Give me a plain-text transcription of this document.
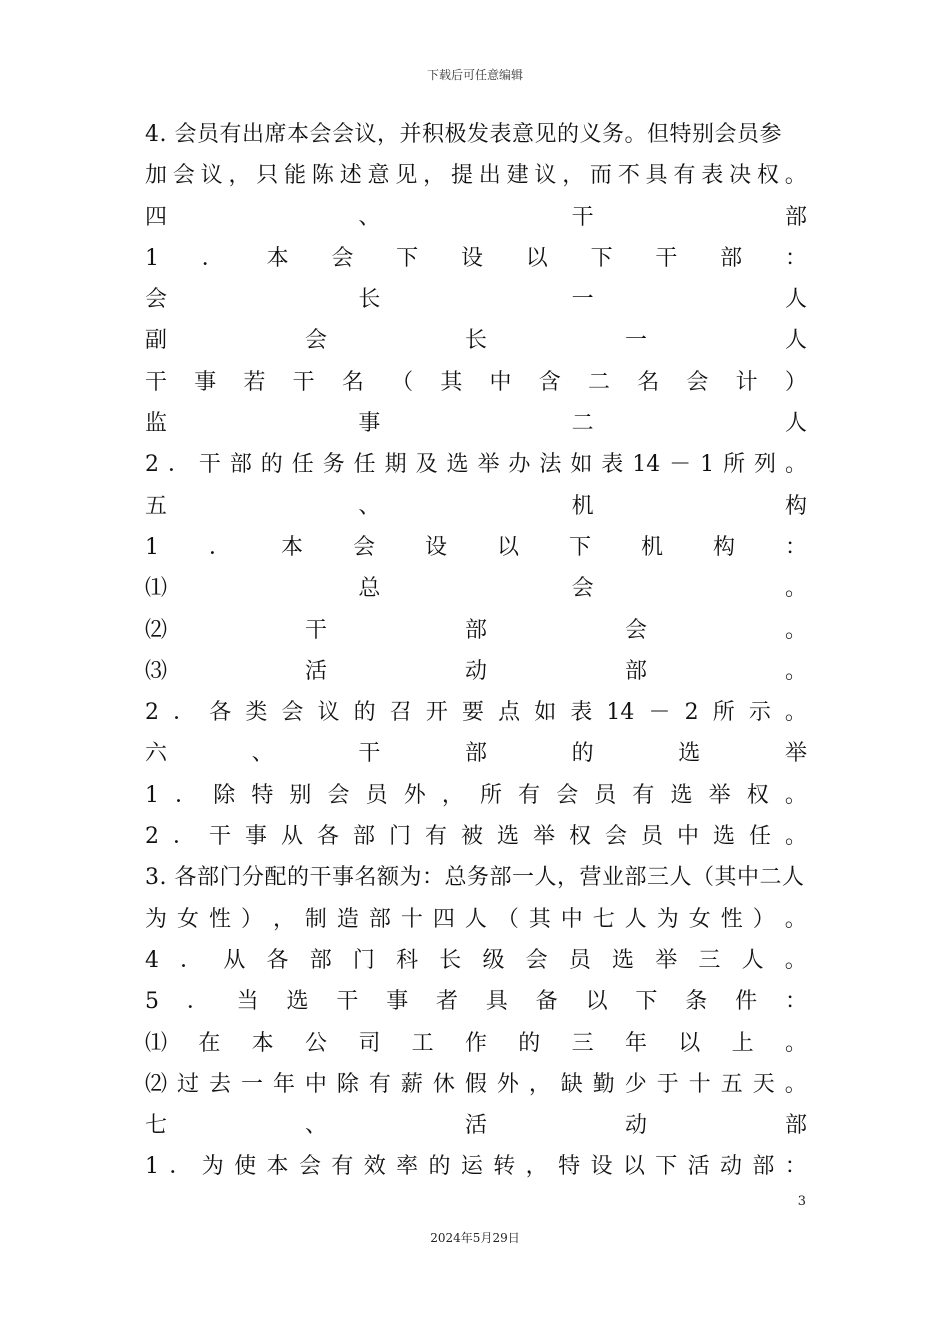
下载后可任意编辑
4. 会员有出席本会会议，并积极发表意见的义务。但特别会员参
加 会 议 ， 只 能 陈 述 意 见 ， 提 出 建 议 ， 而 不 具 有 表 决 权 。
四	、	干	部
1 ． 本 会 下 设 以 下 干 部 ：
会	长	一	人
副	会	长	一	人
干 事 若 干 名 （ 其 中 含 二 名 会 计 ）
监	事	二	人
2 ． 干 部 的 任 务 任 期 及 选 举 办 法 如 表 14 － 1 所 列 。
五	、	机	构
1 ． 本 会 设 以 下 机 构 ：
⑴	总	会	。
⑵	干	部	会	。
⑶	活	动	部	。
2 ． 各 类 会 议 的 召 开 要 点 如 表 14 － 2 所 示 。
六	、	干	部	的	选	举
1 ． 除 特 别 会 员 外 ， 所 有 会 员 有 选 举 权 。
2 ． 干 事 从 各 部 门 有 被 选 举 权 会 员 中 选 任 。
3. 各部门分配的干事名额为：总务部一人，营业部三人（其中二人
为 女 性 ） ， 制 造 部 十 四 人 （ 其 中 七 人 为 女 性 ） 。
4 ． 从 各 部 门 科 长 级 会 员 选 举 三 人 。
5 ． 当 选 干 事 者 具 备 以 下 条 件 ：
⑴ 在 本 公 司 工 作 的 三 年 以 上 。
⑵ 过 去 一 年 中 除 有 薪 休 假 外 ， 缺 勤 少 于 十 五 天 。
七	、	活	动	部
1 ． 为 使 本 会 有 效 率 的 运 转 ， 特 设 以 下 活 动 部 ：
3
2024年5月29日
